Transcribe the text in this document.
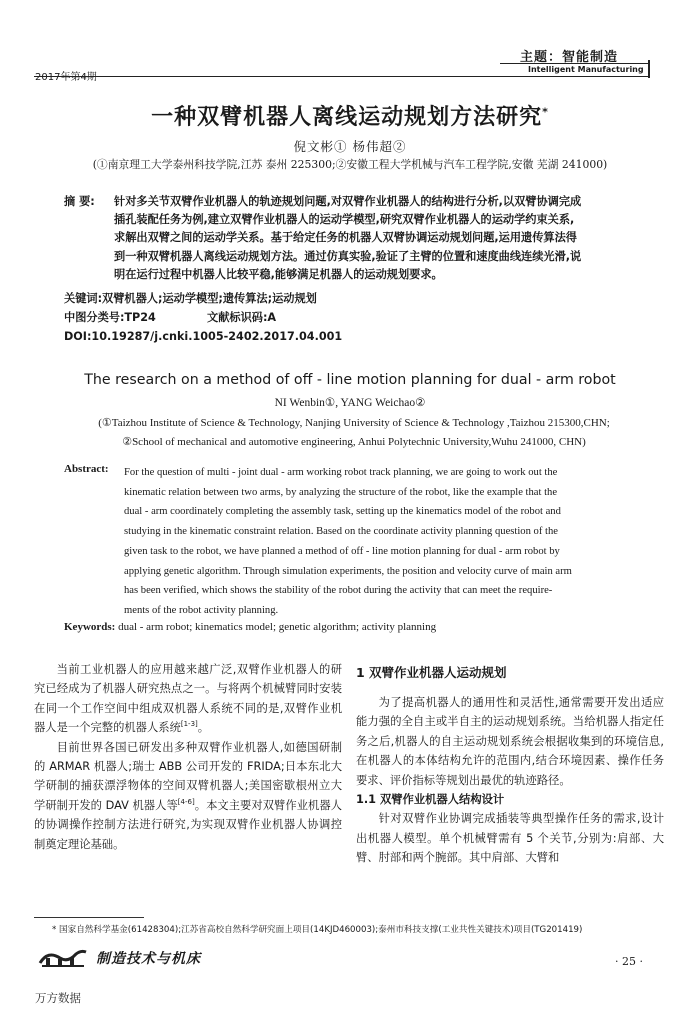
2017年第4期
主题：智能制造
Intelligent Manufacturing
一种双臂机器人离线运动规划方法研究*
倪文彬① 杨伟超②
(①南京理工大学泰州科技学院,江苏 泰州 225300;②安徽工程大学机械与汽车工程学院,安徽 芜湖 241000)
摘 要:	针对多关节双臂作业机器人的轨迹规划问题,对双臂作业机器人的结构进行分析,以双臂协调完成
插孔装配任务为例,建立双臂作业机器人的运动学模型,研究双臂作业机器人的运动学约束关系,
求解出双臂之间的运动学关系。基于给定任务的机器人双臂协调运动规划问题,运用遗传算法得
到一种双臂机器人离线运动规划方法。通过仿真实验,验证了主臂的位置和速度曲线连续光滑,说
明在运行过程中机器人比较平稳,能够满足机器人的运动规划要求。
关键词:双臂机器人;运动学模型;遗传算法;运动规划
中图分类号:TP24	文献标识码:A
DOI:10.19287/j.cnki.1005-2402.2017.04.001
The research on a method of off - line motion planning for dual - arm robot
NI Wenbin①, YANG Weichao②
(①Taizhou Institute of Science & Technology, Nanjing University of Science & Technology ,Taizhou 215300,CHN;
②School of mechanical and automotive engineering, Anhui Polytechnic University,Wuhu 241000, CHN)
Abstract: For the question of multi - joint dual - arm working robot track planning, we are going to work out the
kinematic relation between two arms, by analyzing the structure of the robot, like the example that the
dual - arm coordinately completing the assembly task, setting up the kinematics model of the robot and
studying in the kinematic constraint relation. Based on the coordinate activity planning question of the
given task to the robot, we have planned a method of off - line motion planning for dual - arm robot by
applying genetic algorithm. Through simulation experiments, the position and velocity curve of main arm
has been verified, which shows the stability of the robot during the activity that can meet the require-
ments of the robot activity planning.
Keywords: dual - arm robot; kinematics model; genetic algorithm; activity planning

当前工业机器人的应用越来越广泛,双臂作业机器人的研究已经成为了机器人研究热点之一。与将两个机械臂同时安装在同一个工作空间中组成双机器人系统不同的是,双臂作业机器人是一个完整的机器人系统[1-3]。

目前世界各国已研发出多种双臂作业机器人,如德国研制的 ARMAR 机器人;瑞士 ABB 公司开发的 FRIDA;日本东北大学研制的捕获漂浮物体的空间双臂机器人;美国密歇根州立大学研制开发的 DAV 机器人等[4-6]。本文主要对双臂作业机器人的协调操作控制方法进行研究,为实现双臂作业机器人协调控制奠定理论基础。

1 双臂作业机器人运动规划

为了提高机器人的通用性和灵活性,通常需要开发出适应能力强的全自主或半自主的运动规划系统。当给机器人指定任务之后,机器人的自主运动规划系统会根据收集到的环境信息,在机器人的本体结构允许的范围内,结合环境因素、操作任务要求、评价指标等规划出最优的轨迹路径。

1.1 双臂作业机器人结构设计

针对双臂作业协调完成插装等典型操作任务的需求,设计出机器人模型。单个机械臂需有 5 个关节,分别为:肩部、大臂、肘部和两个腕部。其中肩部、大臂和

* 国家自然科学基金(61428304);江苏省高校自然科学研究面上项目(14KJD460003);泰州市科技支撑(工业共性关键技术)项目(TG201419)
制造技术与机床	· 25 ·
万方数据
